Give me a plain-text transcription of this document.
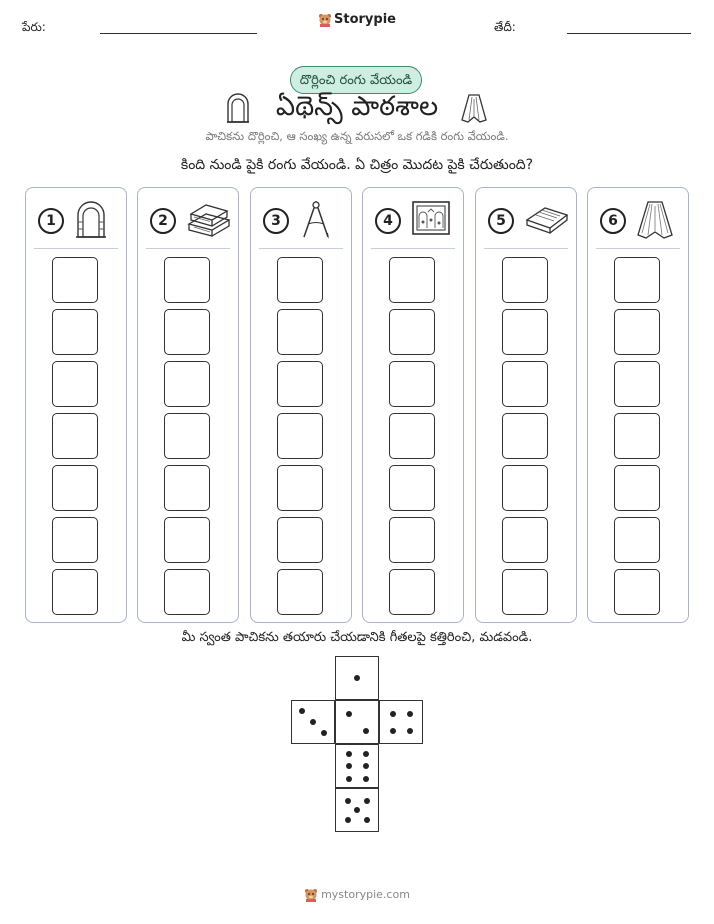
పేరు:	Storypie	తేదీ:
దొర్లించి రంగు వేయండి
ఏథెన్స్ పాఠశాల
పాచికను దొర్లించి, ఆ సంఖ్య ఉన్న వరుసలో ఒక గడికి రంగు వేయండి.
కింది నుండి పైకి రంగు వేయండి. ఏ చిత్రం మొదట పైకి చేరుతుంది?
1	2	3	4	5	6
మీ స్వంత పాచికను తయారు చేయడానికి గీతలపై కత్తిరించి, మడవండి.
mystorypie.com
